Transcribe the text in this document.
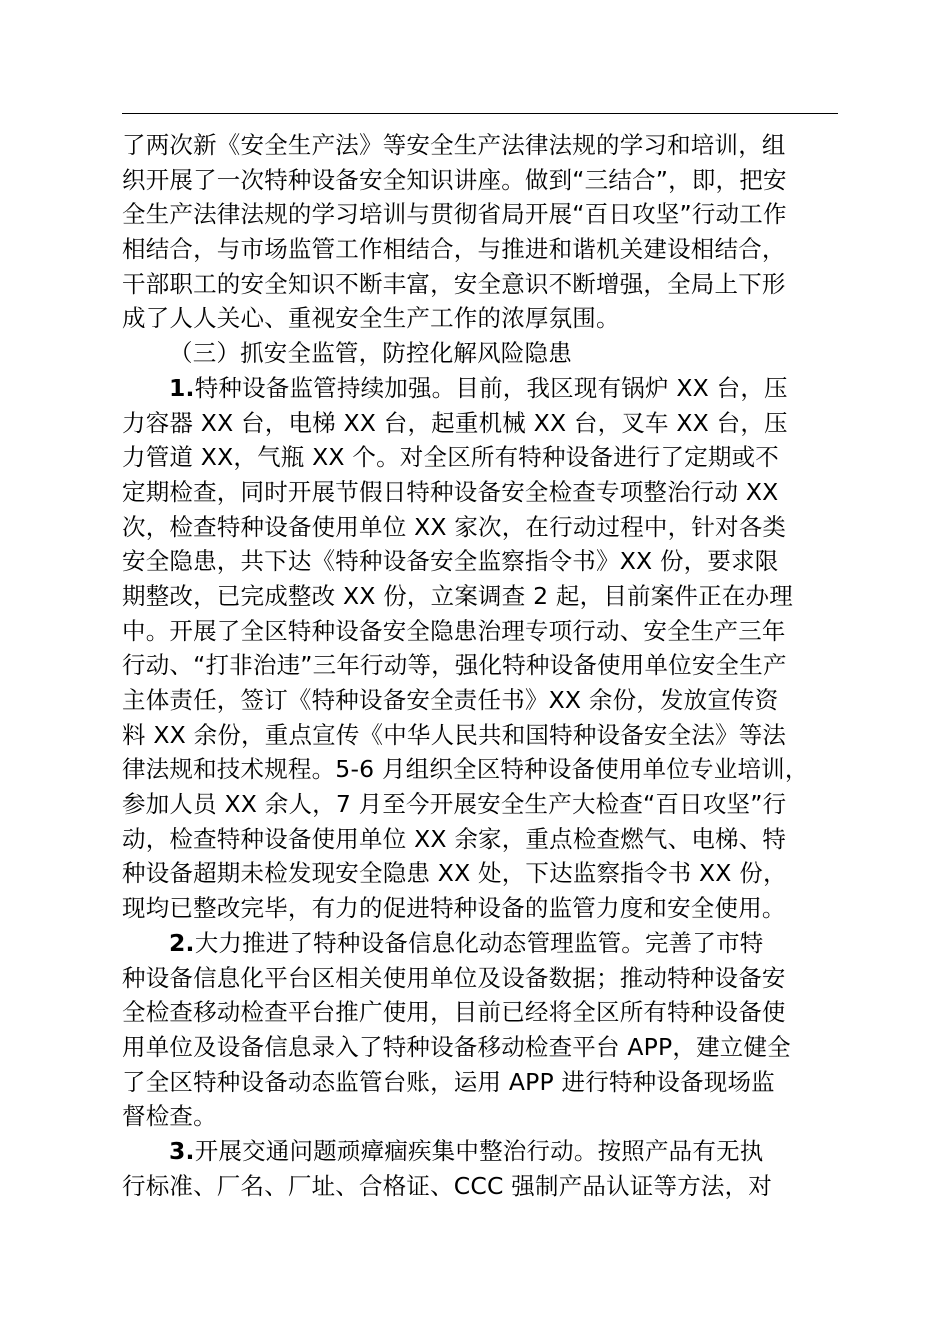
了两次新《安全生产法》等安全生产法律法规的学习和培训，组
织开展了一次特种设备安全知识讲座。做到“三结合”，即，把安
全生产法律法规的学习培训与贯彻省局开展“百日攻坚”行动工作
相结合，与市场监管工作相结合，与推进和谐机关建设相结合，
干部职工的安全知识不断丰富，安全意识不断增强，全局上下形
成了人人关心、重视安全生产工作的浓厚氛围。
（三）抓安全监管，防控化解风险隐患
1.特种设备监管持续加强。目前，我区现有锅炉 XX 台，压
力容器 XX 台，电梯 XX 台，起重机械 XX 台，叉车 XX 台，压
力管道 XX，气瓶 XX 个。对全区所有特种设备进行了定期或不
定期检查，同时开展节假日特种设备安全检查专项整治行动 XX
次，检查特种设备使用单位 XX 家次，在行动过程中，针对各类
安全隐患，共下达《特种设备安全监察指令书》XX 份，要求限
期整改，已完成整改 XX 份，立案调查 2 起，目前案件正在办理
中。开展了全区特种设备安全隐患治理专项行动、安全生产三年
行动、“打非治违”三年行动等，强化特种设备使用单位安全生产
主体责任，签订《特种设备安全责任书》XX 余份，发放宣传资
料 XX 余份，重点宣传《中华人民共和国特种设备安全法》等法
律法规和技术规程。5-6 月组织全区特种设备使用单位专业培训，
参加人员 XX 余人，7 月至今开展安全生产大检查“百日攻坚”行
动，检查特种设备使用单位 XX 余家，重点检查燃气、电梯、特
种设备超期未检发现安全隐患 XX 处，下达监察指令书 XX 份，
现均已整改完毕，有力的促进特种设备的监管力度和安全使用。
2.大力推进了特种设备信息化动态管理监管。完善了市特
种设备信息化平台区相关使用单位及设备数据；推动特种设备安
全检查移动检查平台推广使用，目前已经将全区所有特种设备使
用单位及设备信息录入了特种设备移动检查平台 APP，建立健全
了全区特种设备动态监管台账，运用 APP 进行特种设备现场监
督检查。
3.开展交通问题顽瘴痼疾集中整治行动。按照产品有无执
行标准、厂名、厂址、合格证、CCC 强制产品认证等方法，对
